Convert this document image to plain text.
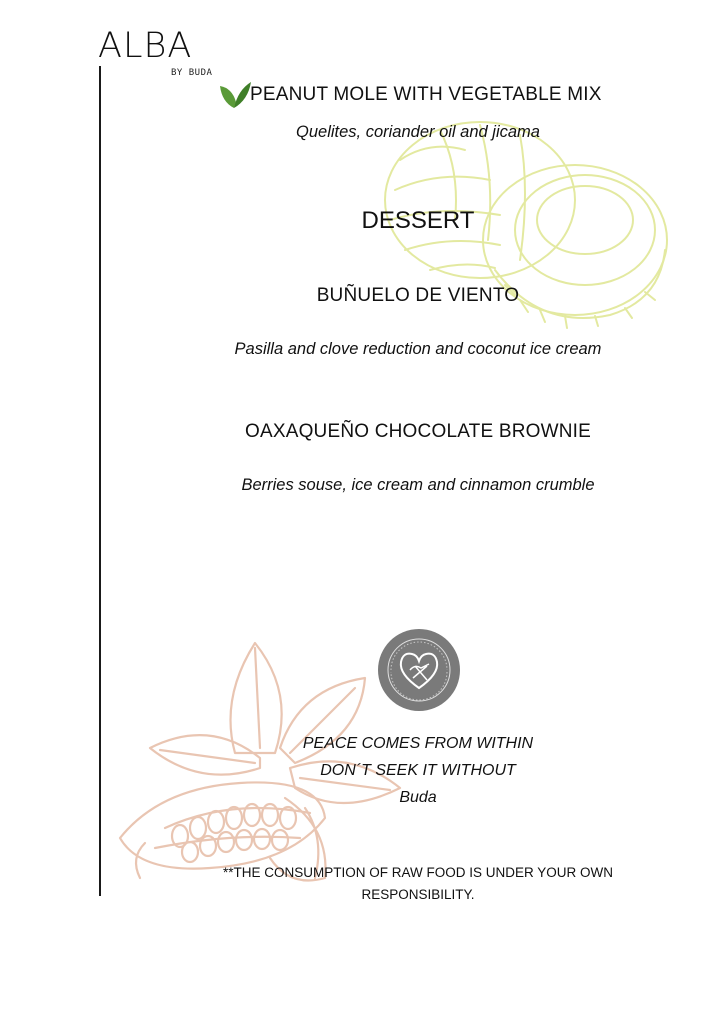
ALBA
BY BUDA
PEANUT MOLE WITH VEGETABLE MIX
Quelites, coriander oil and jicama
DESSERT
BUÑUELO DE VIENTO
Pasilla and clove reduction and coconut ice cream
OAXAQUEÑO CHOCOLATE BROWNIE
Berries souse, ice cream and cinnamon crumble
PEACE COMES FROM WITHIN
DON´T SEEK IT WITHOUT
Buda
**THE CONSUMPTION OF RAW FOOD IS UNDER YOUR OWN
RESPONSIBILITY.
